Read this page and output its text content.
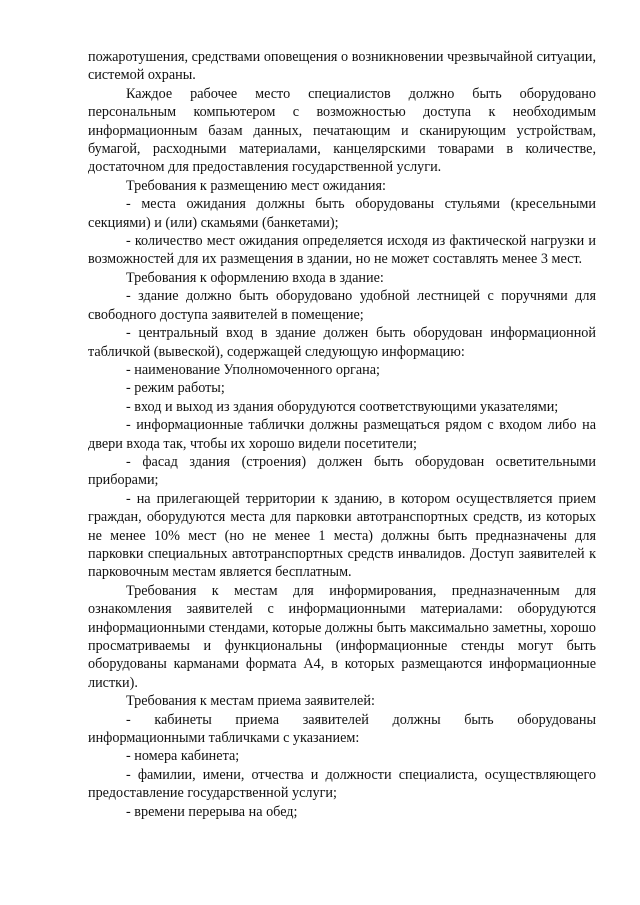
пожаротушения, средствами оповещения о возникновении чрезвычайной ситуации, системой охраны.

Каждое рабочее место специалистов должно быть оборудовано персональным компьютером с возможностью доступа к необходимым информационным базам данных, печатающим и сканирующим устройствам, бумагой, расходными материалами, канцелярскими товарами в количестве, достаточном для предоставления государственной услуги.

Требования к размещению мест ожидания:

- места ожидания должны быть оборудованы стульями (кресельными секциями) и (или) скамьями (банкетами);

- количество мест ожидания определяется исходя из фактической нагрузки и возможностей для их размещения в здании, но не может составлять менее 3 мест.

Требования к оформлению входа в здание:

- здание должно быть оборудовано удобной лестницей с поручнями для свободного доступа заявителей в помещение;

- центральный вход в здание должен быть оборудован информационной табличкой (вывеской), содержащей следующую информацию:

- наименование Уполномоченного органа;

- режим работы;

- вход и выход из здания оборудуются соответствующими указателями;

- информационные таблички должны размещаться рядом с входом либо на двери входа так, чтобы их хорошо видели посетители;

- фасад здания (строения) должен быть оборудован осветительными приборами;

- на прилегающей территории к зданию, в котором осуществляется прием граждан, оборудуются места для парковки автотранспортных средств, из которых не менее 10% мест (но не менее 1 места) должны быть предназначены для парковки специальных автотранспортных средств инвалидов. Доступ заявителей к парковочным местам является бесплатным.

Требования к местам для информирования, предназначенным для ознакомления заявителей с информационными материалами: оборудуются информационными стендами, которые должны быть максимально заметны, хорошо просматриваемы и функциональны (информационные стенды могут быть оборудованы карманами формата А4, в которых размещаются информационные листки).

Требования к местам приема заявителей:

- кабинеты приема заявителей должны быть оборудованы информационными табличками с указанием:

- номера кабинета;

- фамилии, имени, отчества и должности специалиста, осуществляющего предоставление государственной услуги;

- времени перерыва на обед;
